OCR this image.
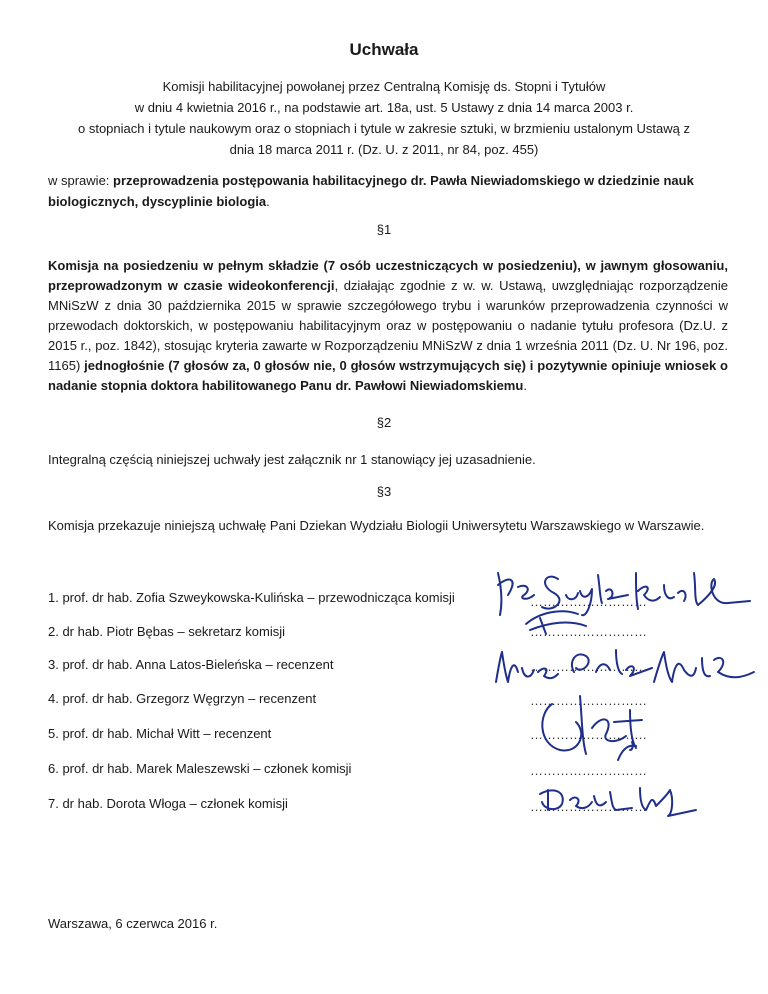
Uchwała
Komisji habilitacyjnej powołanej przez Centralną Komisję ds. Stopni i Tytułów
w dniu 4 kwietnia 2016 r., na podstawie art. 18a, ust. 5 Ustawy z dnia 14 marca 2003 r.
o stopniach i tytule naukowym oraz o stopniach i tytule w zakresie sztuki, w brzmieniu ustalonym Ustawą z
dnia 18 marca 2011 r. (Dz. U. z 2011, nr 84, poz. 455)
w sprawie: przeprowadzenia postępowania habilitacyjnego dr. Pawła Niewiadomskiego w dziedzinie nauk biologicznych, dyscyplinie biologia.
§1
Komisja na posiedzeniu w pełnym składzie (7 osób uczestniczących w posiedzeniu), w jawnym głosowaniu, przeprowadzonym w czasie wideokonferencji, działając zgodnie z w. w. Ustawą, uwzględniając rozporządzenie MNiSzW z dnia 30 października 2015 w sprawie szczegółowego trybu i warunków przeprowadzenia czynności w przewodach doktorskich, w postępowaniu habilitacyjnym oraz w postępowaniu o nadanie tytułu profesora (Dz.U. z 2015 r., poz. 1842), stosując kryteria zawarte w Rozporządzeniu MNiSzW z dnia 1 września 2011 (Dz. U. Nr 196, poz. 1165) jednogłośnie (7 głosów za, 0 głosów nie, 0 głosów wstrzymujących się) i pozytywnie opiniuje wniosek o nadanie stopnia doktora habilitowanego Panu dr. Pawłowi Niewiadomskiemu.
§2
Integralną częścią niniejszej uchwały jest załącznik nr 1 stanowiący jej uzasadnienie.
§3
Komisja przekazuje niniejszą uchwałę Pani Dziekan Wydziału Biologii Uniwersytetu Warszawskiego w Warszawie.
1. prof. dr hab. Zofia Szweykowska-Kulińska – przewodnicząca komisji
2. dr hab. Piotr Bębas – sekretarz komisji
3. prof. dr hab. Anna Latos-Bieleńska – recenzent
4. prof. dr hab. Grzegorz Węgrzyn – recenzent
5. prof. dr hab. Michał Witt – recenzent
6. prof. dr hab. Marek Maleszewski – członek komisji
7. dr hab. Dorota Włoga – członek komisji
………………………
………………………
………………………
………………………
………………………
………………………
………………………
Warszawa, 6 czerwca 2016 r.
